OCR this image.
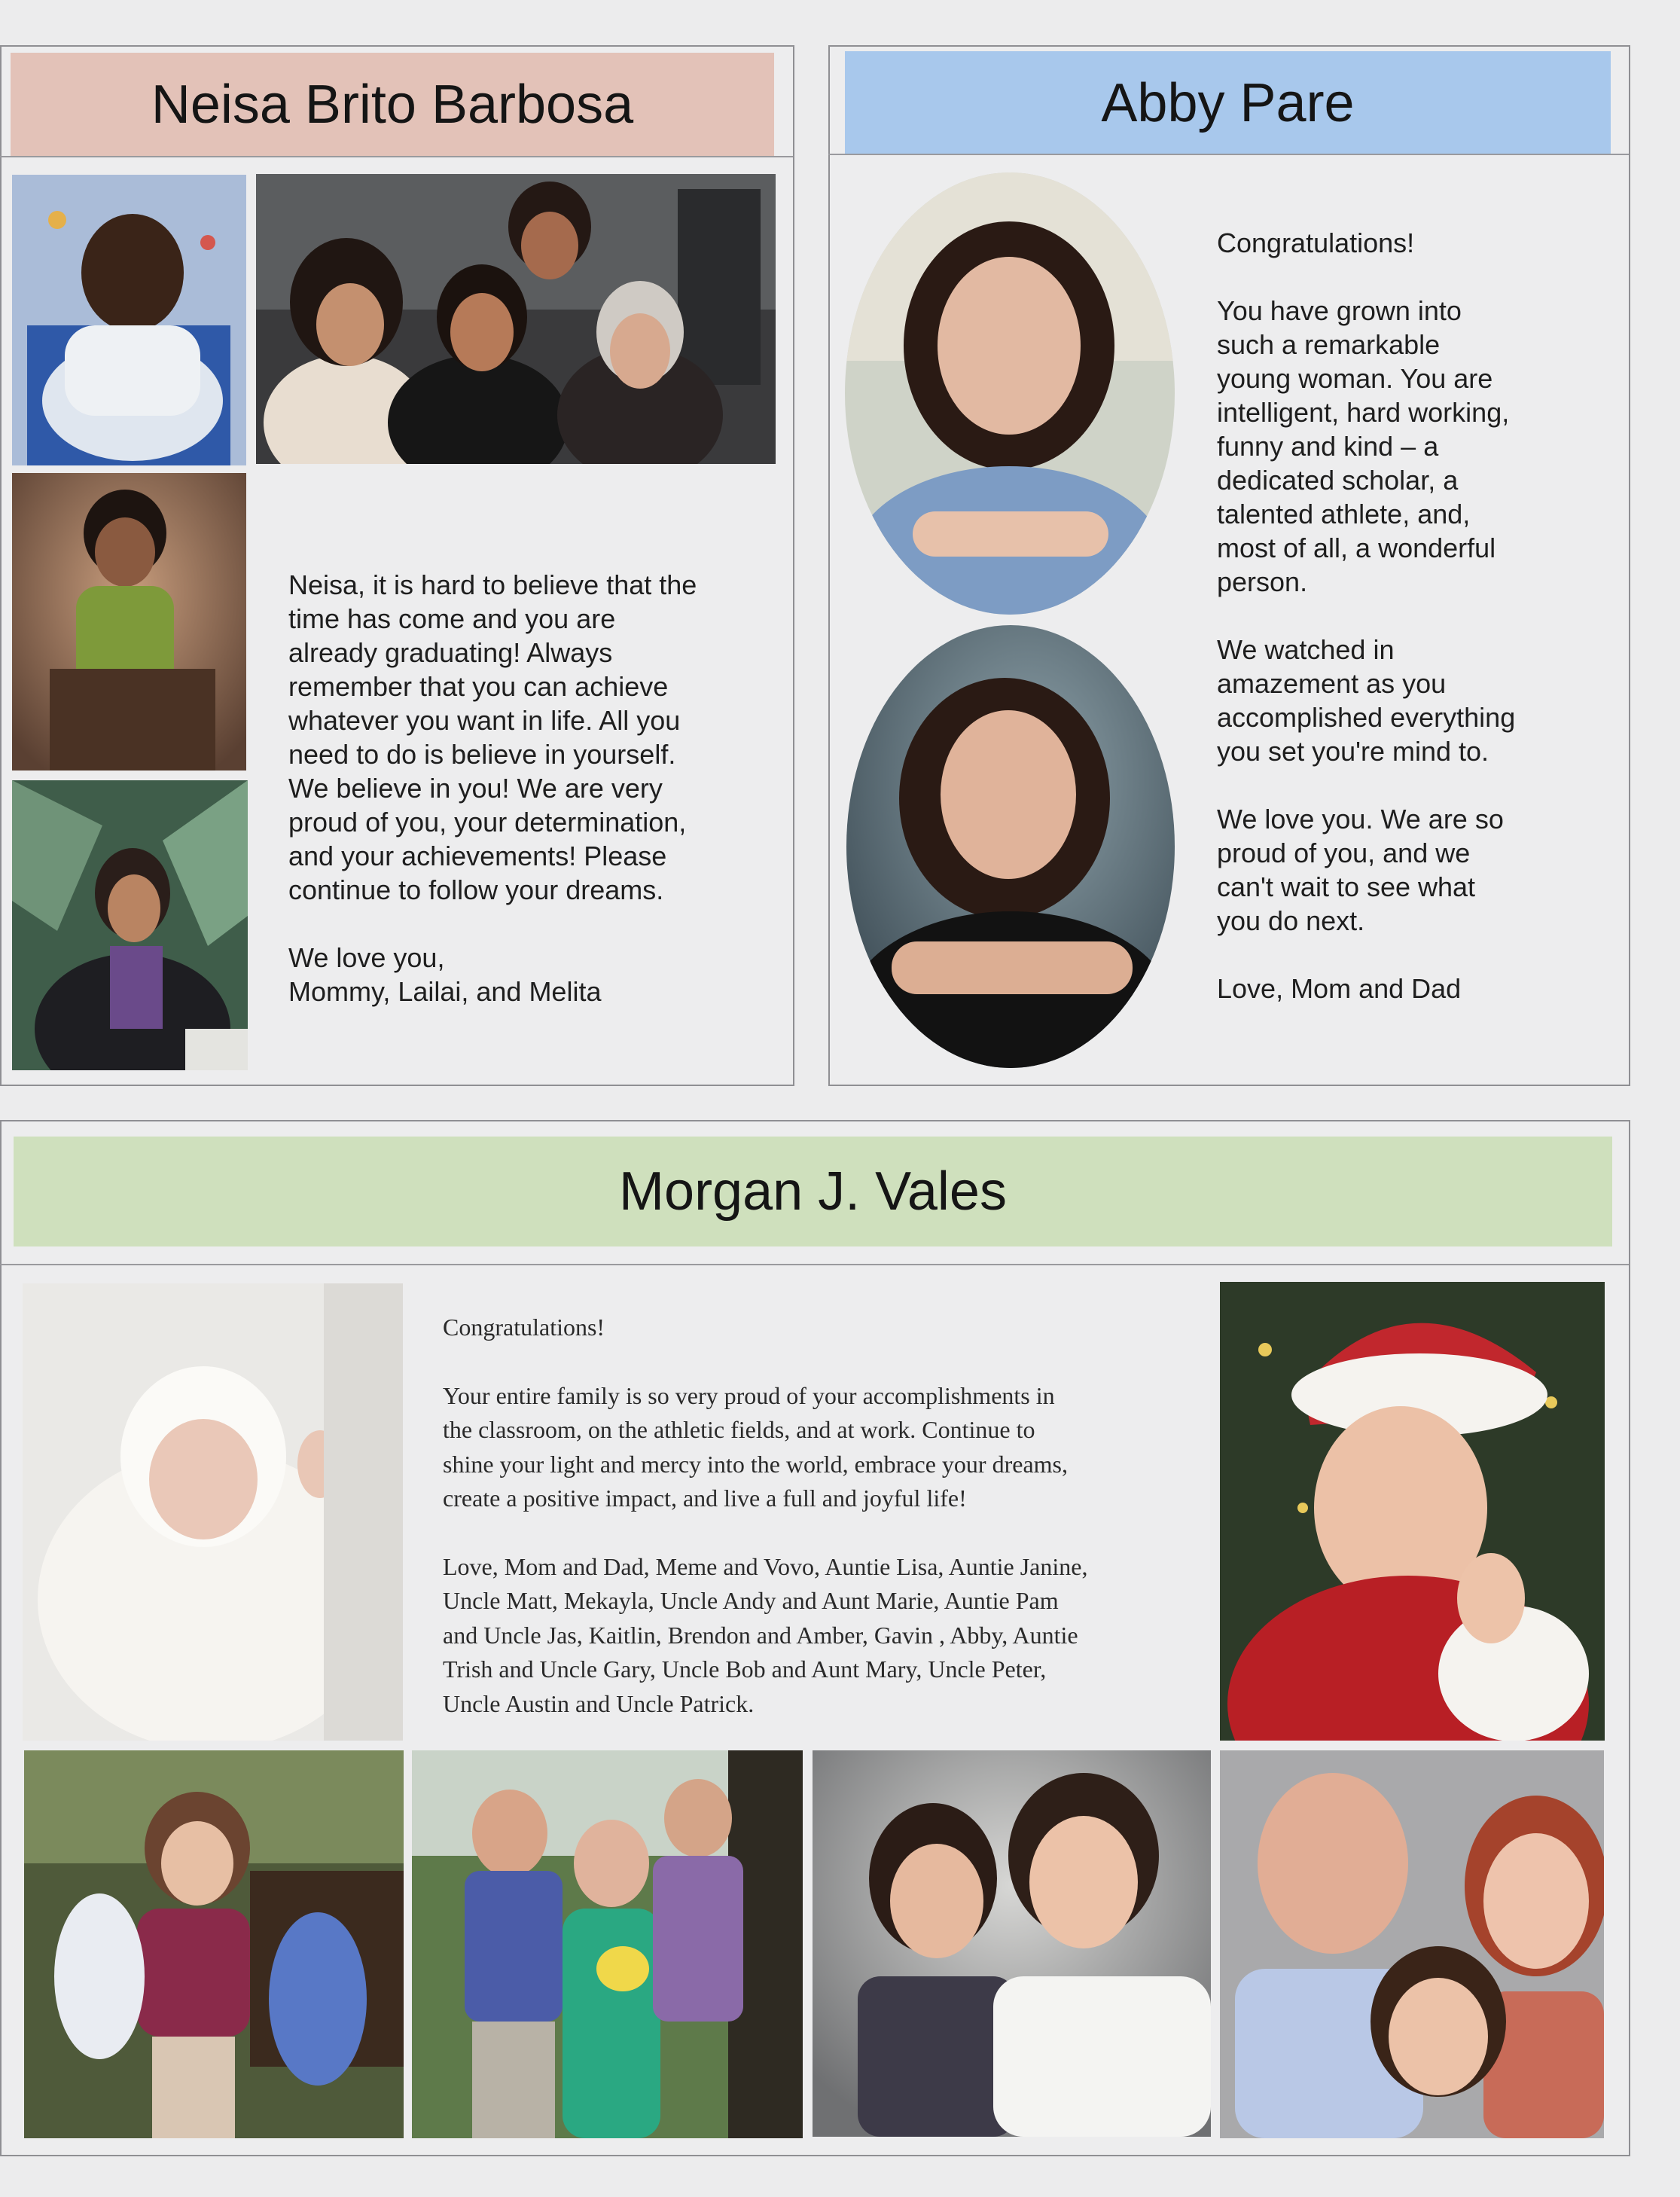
Neisa Brito Barbosa

Neisa, it is hard to believe that the

time has come and you are

already graduating! Always

remember that you can achieve

whatever you want in life. All you

need to do is believe in yourself.

We believe in you! We are very

proud of you, your determination,

and your achievements! Please

continue to follow your dreams.

We love you,

Mommy, Lailai, and Melita

Abby Pare

Congratulations!

You have grown into

such a remarkable

young woman. You are

intelligent, hard working,

funny and kind – a

dedicated scholar, a

talented athlete, and,

most of all, a wonderful

person.

We watched in

amazement as you

accomplished everything

you set you're mind to.

We love you. We are so

proud of you, and we

can't wait to see what

you do next.

Love, Mom and Dad

Morgan J. Vales

Congratulations!

Your entire family is so very proud of your accomplishments in

the classroom, on the athletic fields, and at work. Continue to

shine your light and mercy into the world, embrace your dreams,

create a positive impact, and live a full and joyful life!

Love, Mom and Dad, Meme and Vovo, Auntie Lisa, Auntie Janine,

Uncle Matt, Mekayla, Uncle Andy and Aunt Marie, Auntie Pam

and Uncle Jas, Kaitlin, Brendon and Amber, Gavin , Abby, Auntie

Trish and Uncle Gary, Uncle Bob and Aunt Mary, Uncle Peter,

Uncle Austin and Uncle Patrick.
